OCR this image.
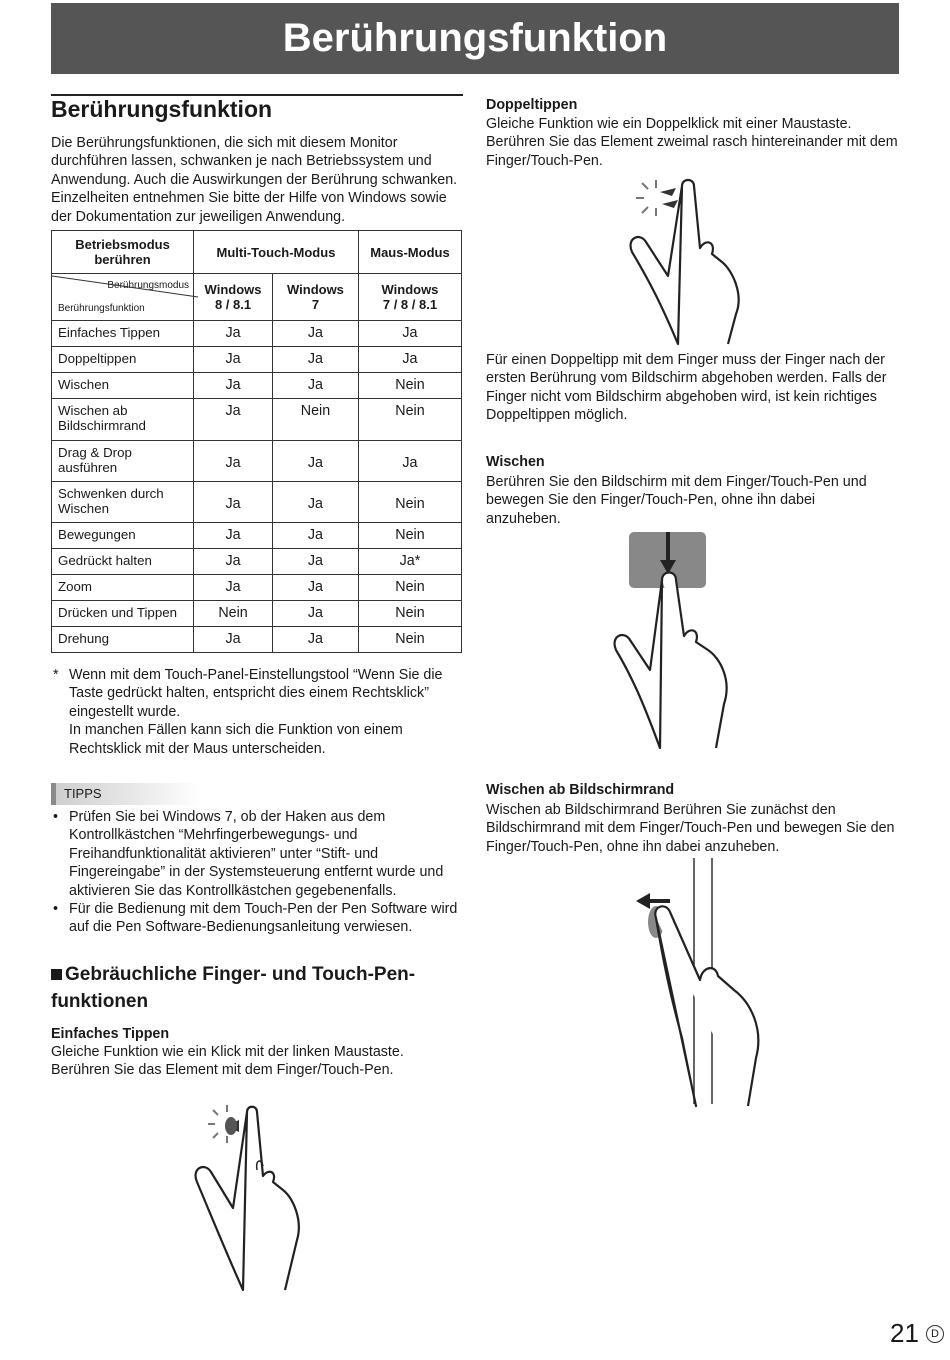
Berührungsfunktion
Berührungsfunktion
Die Berührungsfunktionen, die sich mit diesem Monitor durchführen lassen, schwanken je nach Betriebssystem und Anwendung. Auch die Auswirkungen der Berührung schwanken. Einzelheiten entnehmen Sie bitte der Hilfe von Windows sowie der Dokumentation zur jeweiligen Anwendung.
Betriebsmodus berühren	Multi-Touch-Modus		Maus-Modus

Berührungsmodus
Berührungsfunktion	Windows 8 / 8.1	Windows 7	Windows 7 / 8 / 8.1
Einfaches Tippen	Ja	Ja	Ja
Doppeltippen	Ja	Ja	Ja
Wischen	Ja	Ja	Nein
Wischen ab Bildschirmrand	Ja	Nein	Nein
Drag & Drop ausführen	Ja	Ja	Ja
Schwenken durch Wischen	Ja	Ja	Nein
Bewegungen	Ja	Ja	Nein
Gedrückt halten	Ja	Ja	Ja*
Zoom	Ja	Ja	Nein
Drücken und Tippen	Nein	Ja	Nein
Drehung	Ja	Ja	Nein
* Wenn mit dem Touch-Panel-Einstellungstool “Wenn Sie die Taste gedrückt halten, entspricht dies einem Rechtsklick” eingestellt wurde.
In manchen Fällen kann sich die Funktion von einem Rechtsklick mit der Maus unterscheiden.
TIPPS
• Prüfen Sie bei Windows 7, ob der Haken aus dem Kontrollkästchen “Mehrfingerbewegungs- und Freihandfunktionalität aktivieren” unter “Stift- und Fingereingabe” in der Systemsteuerung entfernt wurde und aktivieren Sie das Kontrollkästchen gegebenenfalls.
• Für die Bedienung mit dem Touch-Pen der Pen Software wird auf die Pen Software-Bedienungsanleitung verwiesen.
Gebräuchliche Finger- und Touch-Pen-funktionen
Einfaches Tippen
Gleiche Funktion wie ein Klick mit der linken Maustaste. Berühren Sie das Element mit dem Finger/Touch-Pen.
Doppeltippen
Gleiche Funktion wie ein Doppelklick mit einer Maustaste. Berühren Sie das Element zweimal rasch hintereinander mit dem Finger/Touch-Pen.
Für einen Doppeltipp mit dem Finger muss der Finger nach der ersten Berührung vom Bildschirm abgehoben werden. Falls der Finger nicht vom Bildschirm abgehoben wird, ist kein richtiges Doppeltippen möglich.
Wischen
Berühren Sie den Bildschirm mit dem Finger/Touch-Pen und bewegen Sie den Finger/Touch-Pen, ohne ihn dabei anzuheben.
Wischen ab Bildschirmrand
Wischen ab Bildschirmrand Berühren Sie zunächst den Bildschirmrand mit dem Finger/Touch-Pen und bewegen Sie den Finger/Touch-Pen, ohne ihn dabei anzuheben.
21	D
